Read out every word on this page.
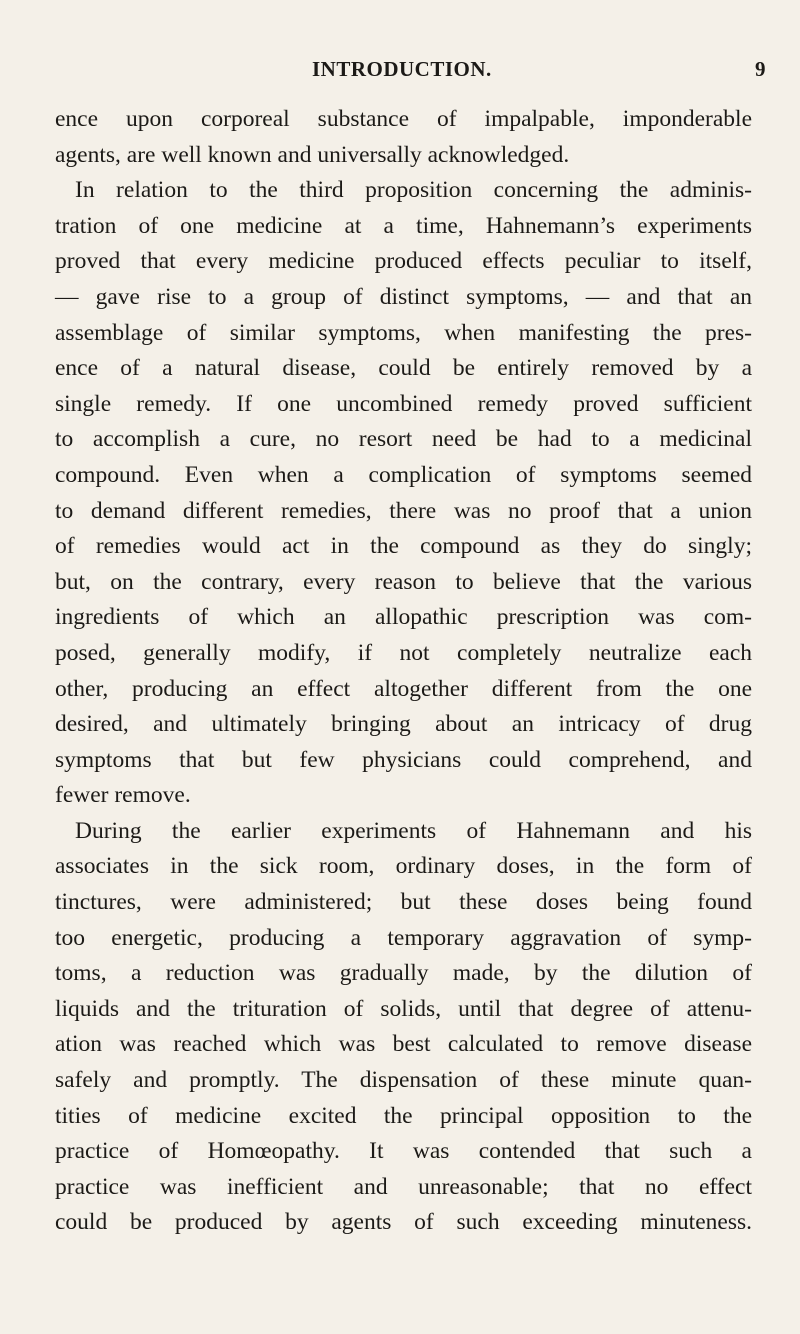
INTRODUCTION.	9
ence upon corporeal substance of impalpable, imponderable
agents, are well known and universally acknowledged.
In relation to the third proposition concerning the adminis-
tration of one medicine at a time, Hahnemann’s experiments
proved that every medicine produced effects peculiar to itself,
— gave rise to a group of distinct symptoms, — and that an
assemblage of similar symptoms, when manifesting the pres-
ence of a natural disease, could be entirely removed by a
single remedy. If one uncombined remedy proved sufficient
to accomplish a cure, no resort need be had to a medicinal
compound. Even when a complication of symptoms seemed
to demand different remedies, there was no proof that a union
of remedies would act in the compound as they do singly;
but, on the contrary, every reason to believe that the various
ingredients of which an allopathic prescription was com-
posed, generally modify, if not completely neutralize each
other, producing an effect altogether different from the one
desired, and ultimately bringing about an intricacy of drug
symptoms that but few physicians could comprehend, and
fewer remove.
During the earlier experiments of Hahnemann and his
associates in the sick room, ordinary doses, in the form of
tinctures, were administered; but these doses being found
too energetic, producing a temporary aggravation of symp-
toms, a reduction was gradually made, by the dilution of
liquids and the trituration of solids, until that degree of attenu-
ation was reached which was best calculated to remove disease
safely and promptly. The dispensation of these minute quan-
tities of medicine excited the principal opposition to the
practice of Homœopathy. It was contended that such a
practice was inefficient and unreasonable; that no effect
could be produced by agents of such exceeding minuteness.
